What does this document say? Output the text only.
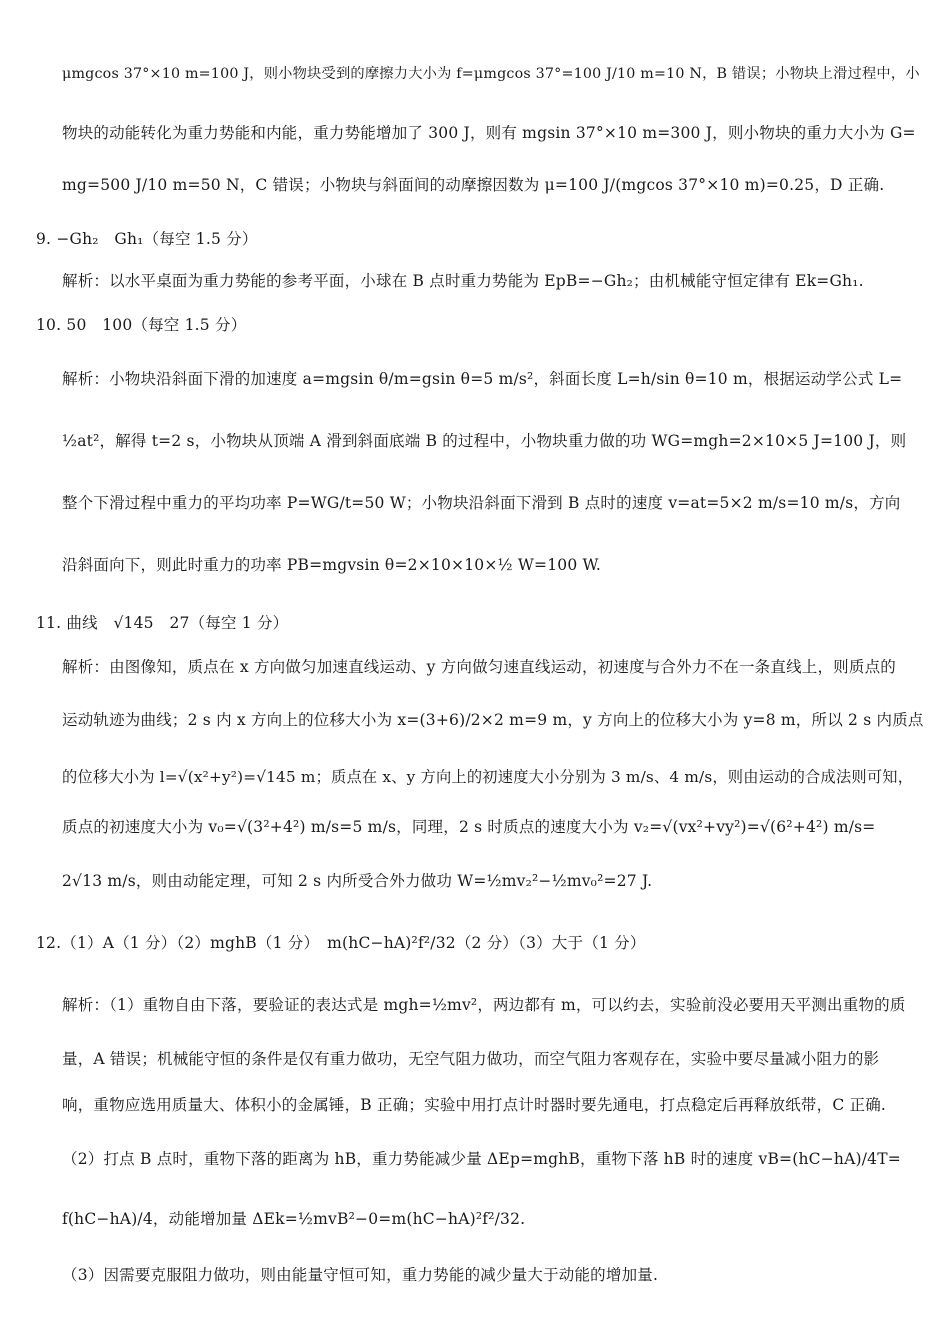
μmgcos 37°×10 m=100 J，则小物块受到的摩擦力大小为 f=μmgcos 37°=100 J/10 m=10 N，B 错误；小物块上滑过程中，小
物块的动能转化为重力势能和内能，重力势能增加了 300 J，则有 mgsin 37°×10 m=300 J，则小物块的重力大小为 G=
mg=500 J/10 m=50 N，C 错误；小物块与斜面间的动摩擦因数为 μ=100 J/(mgcos 37°×10 m)=0.25，D 正确.
9. −Gh₂　Gh₁（每空 1.5 分）
解析：以水平桌面为重力势能的参考平面，小球在 B 点时重力势能为 EpB=−Gh₂；由机械能守恒定律有 Ek=Gh₁.
10. 50　100（每空 1.5 分）
解析：小物块沿斜面下滑的加速度 a=mgsin θ/m=gsin θ=5 m/s²，斜面长度 L=h/sin θ=10 m，根据运动学公式 L=
½at²，解得 t=2 s，小物块从顶端 A 滑到斜面底端 B 的过程中，小物块重力做的功 WG=mgh=2×10×5 J=100 J，则
整个下滑过程中重力的平均功率 P=WG/t=50 W；小物块沿斜面下滑到 B 点时的速度 v=at=5×2 m/s=10 m/s，方向
沿斜面向下，则此时重力的功率 PB=mgvsin θ=2×10×10×½ W=100 W.
11. 曲线　√145　27（每空 1 分）
解析：由图像知，质点在 x 方向做匀加速直线运动、y 方向做匀速直线运动，初速度与合外力不在一条直线上，则质点的
运动轨迹为曲线；2 s 内 x 方向上的位移大小为 x=(3+6)/2×2 m=9 m，y 方向上的位移大小为 y=8 m，所以 2 s 内质点
的位移大小为 l=√(x²+y²)=√145 m；质点在 x、y 方向上的初速度大小分别为 3 m/s、4 m/s，则由运动的合成法则可知，
质点的初速度大小为 v₀=√(3²+4²) m/s=5 m/s，同理，2 s 时质点的速度大小为 v₂=√(vx²+vy²)=√(6²+4²) m/s=
2√13 m/s，则由动能定理，可知 2 s 内所受合外力做功 W=½mv₂²−½mv₀²=27 J.
12.（1）A（1 分）（2）mghB（1 分）　m(hC−hA)²f²/32（2 分）（3）大于（1 分）
解析：（1）重物自由下落，要验证的表达式是 mgh=½mv²，两边都有 m，可以约去，实验前没必要用天平测出重物的质
量，A 错误；机械能守恒的条件是仅有重力做功，无空气阻力做功，而空气阻力客观存在，实验中要尽量减小阻力的影
响，重物应选用质量大、体积小的金属锤，B 正确；实验中用打点计时器时要先通电，打点稳定后再释放纸带，C 正确.
（2）打点 B 点时，重物下落的距离为 hB，重力势能减少量 ΔEp=mghB，重物下落 hB 时的速度 vB=(hC−hA)/4T=
f(hC−hA)/4，动能增加量 ΔEk=½mvB²−0=m(hC−hA)²f²/32.
（3）因需要克服阻力做功，则由能量守恒可知，重力势能的减少量大于动能的增加量.
